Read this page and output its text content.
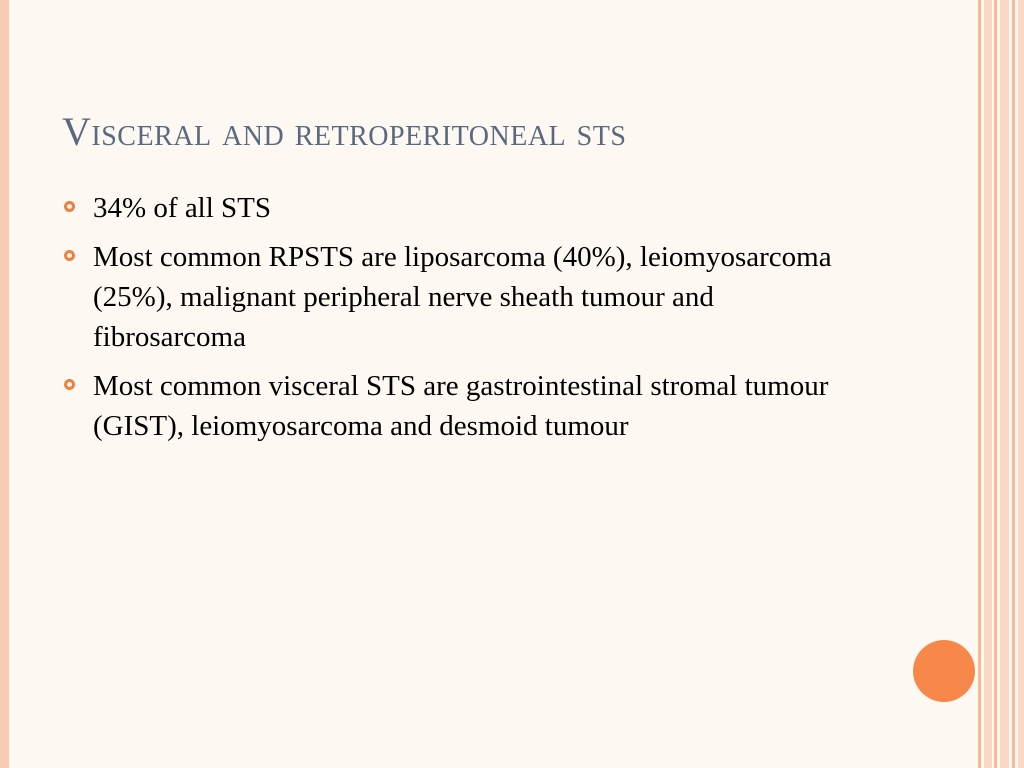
Visceral and retroperitoneal sts
34% of all STS
Most common RPSTS are liposarcoma (40%), leiomyosarcoma (25%), malignant peripheral nerve sheath tumour and fibrosarcoma
Most common visceral STS are gastrointestinal stromal tumour (GIST), leiomyosarcoma and desmoid tumour
